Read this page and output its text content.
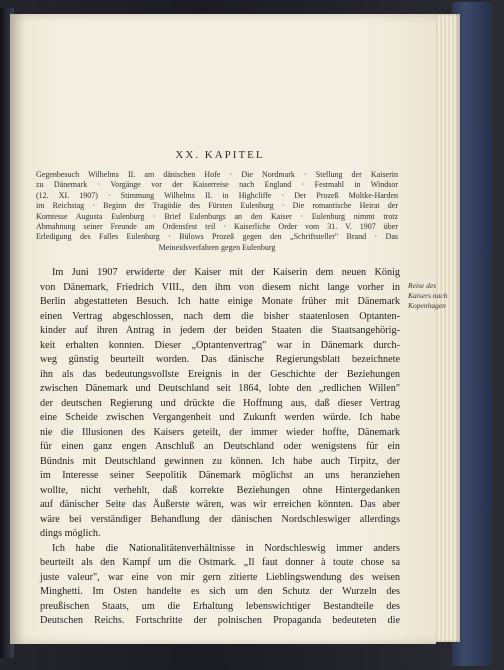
XX. KAPITEL
Gegenbesuch Wilhelms II. am dänischen Hofe · Die Nordmark · Stellung der Kaiserin
zu Dänemark · Vorgänge vor der Kaiserreise nach England · Festmahl in Windsor
(12. XI. 1907) · Stimmung Wilhelms II. in Highcliffe · Der Prozeß Moltke-Harden
im Reichstag · Beginn der Tragödie des Fürsten Eulenburg · Die romantische Heirat der
Komtesse Augusta Eulenburg · Brief Eulenburgs an den Kaiser · Eulenburg nimmt trotz
Abmahnung seiner Freunde am Ordensfest teil · Kaiserliche Order vom 31. V. 1907 über
Erledigung des Falles Eulenburg · Bülows Prozeß gegen den „Schriftsteller" Brand · Das
Meineidsverfahren gegen Eulenburg
Im Juni 1907 erwiderte der Kaiser mit der Kaiserin dem neuen König
von Dänemark, Friedrich VIII., den ihm von diesem nicht lange vorher in
Berlin abgestatteten Besuch. Ich hatte einige Monate früher mit Dänemark
einen Vertrag abgeschlossen, nach dem die bisher staatenlosen Optanten-
kinder auf ihren Antrag in jedem der beiden Staaten die Staatsangehörig-
keit erhalten konnten. Dieser „Optantenvertrag" war in Dänemark durch-
weg günstig beurteilt worden. Das dänische Regierungsblatt bezeichnete
ihn als das bedeutungsvollste Ereignis in der Geschichte der Beziehungen
zwischen Dänemark und Deutschland seit 1864, lobte den „redlichen Willen"
der deutschen Regierung und drückte die Hoffnung aus, daß dieser Vertrag
eine Scheide zwischen Vergangenheit und Zukunft werden würde. Ich habe
nie die Illusionen des Kaisers geteilt, der immer wieder hoffte, Dänemark
für einen ganz engen Anschluß an Deutschland oder wenigstens für ein
Bündnis mit Deutschland gewinnen zu können. Ich habe auch Tirpitz, der
im Interesse seiner Seepolitik Dänemark möglichst an uns heranziehen
wollte, nicht verhehlt, daß korrekte Beziehungen ohne Hintergedanken
auf dänischer Seite das Äußerste wären, was wir erreichen könnten. Das aber
wäre bei verständiger Behandlung der dänischen Nordschleswiger allerdings
dings möglich.
Ich habe die Nationalitätenverhältnisse in Nordschleswig immer anders
beurteilt als den Kampf um die Ostmark. „Il faut donner à toute chose sa
juste valeur", war eine von mir gern zitierte Lieblingswendung des weisen
Minghetti. Im Osten handelte es sich um den Schutz der Wurzeln des
preußischen Staats, um die Erhaltung lebenswichtiger Bestandteile des
Deutschen Reichs. Fortschritte der polnischen Propaganda bedeuteten die
Reise des
Kaisers nach
Kopenhagen
